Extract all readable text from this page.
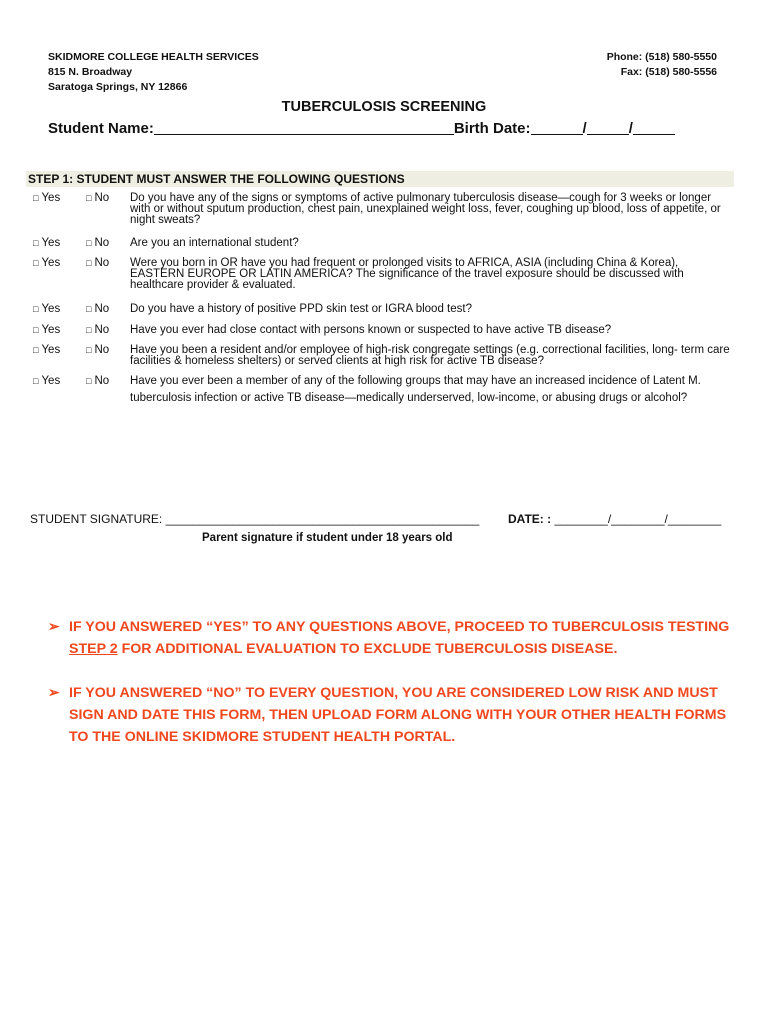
SKIDMORE COLLEGE HEALTH SERVICES
815 N. Broadway
Saratoga Springs, NY 12866
Phone: (518) 580-5550
Fax: (518) 580-5556
TUBERCULOSIS SCREENING
Student Name:	Birth Date:	/	/
STEP 1: STUDENT MUST ANSWER THE FOLLOWING QUESTIONS
□ Yes	□ No Do you have any of the signs or symptoms of active pulmonary tuberculosis disease—cough for 3 weeks or longer with or without sputum production, chest pain, unexplained weight loss, fever, coughing up blood, loss of appetite, or night sweats?
□ Yes	□ No Are you an international student?
□ Yes	□ No Were you born in OR have you had frequent or prolonged visits to AFRICA, ASIA (including China & Korea), EASTERN EUROPE OR LATIN AMERICA? The significance of the travel exposure should be discussed with healthcare provider & evaluated.
□ Yes	□ No Do you have a history of positive PPD skin test or IGRA blood test?
□ Yes	□ No Have you ever had close contact with persons known or suspected to have active TB disease?
□ Yes	□ No Have you been a resident and/or employee of high-risk congregate settings (e.g. correctional facilities, long- term care facilities & homeless shelters) or served clients at high risk for active TB disease?
□ Yes	□ No Have you ever been a member of any of the following groups that may have an increased incidence of Latent M. tuberculosis infection or active TB disease—medically underserved, low-income, or abusing drugs or alcohol?
STUDENT SIGNATURE: _______________________________________________ DATE: : ________/________/________
Parent signature if student under 18 years old
➢ IF YOU ANSWERED “YES” TO ANY QUESTIONS ABOVE, PROCEED TO TUBERCULOSIS TESTING STEP 2 FOR ADDITIONAL EVALUATION TO EXCLUDE TUBERCULOSIS DISEASE.
➢ IF YOU ANSWERED “NO” TO EVERY QUESTION, YOU ARE CONSIDERED LOW RISK AND MUST SIGN AND DATE THIS FORM, THEN UPLOAD FORM ALONG WITH YOUR OTHER HEALTH FORMS TO THE ONLINE SKIDMORE STUDENT HEALTH PORTAL.
